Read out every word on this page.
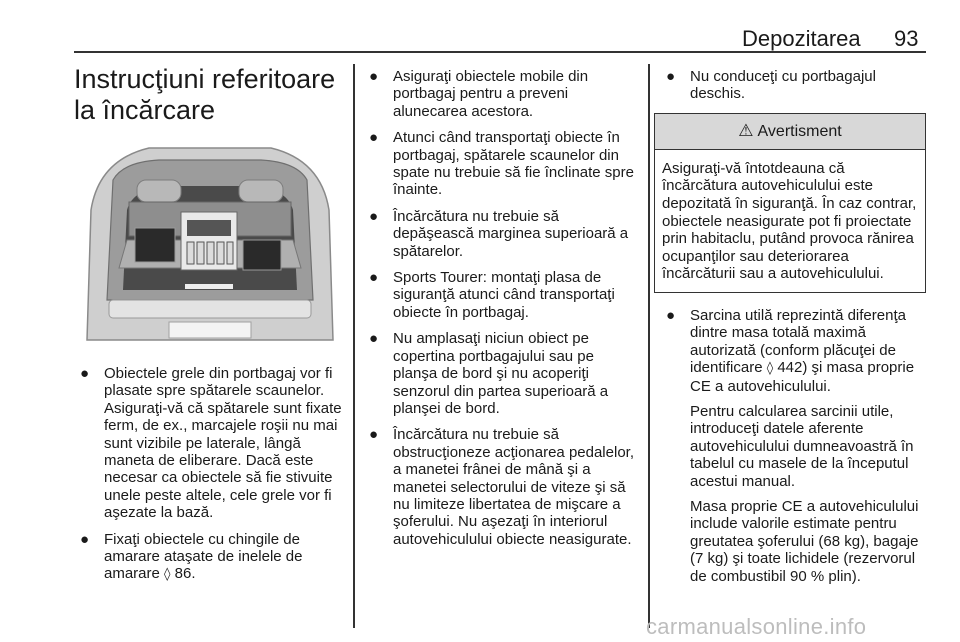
Depozitarea 93
Instrucţiuni referitoare
la încărcare
● Obiectele grele din portbagaj vor fi plasate spre spătarele scaunelor. Asiguraţi-vă că spătarele sunt fixate ferm, de ex., marcajele roşii nu mai sunt vizibile pe laterale, lângă maneta de eliberare. Dacă este necesar ca obiectele să fie stivuite unele peste altele, cele grele vor fi aşezate la bază.

● Fixaţi obiectele cu chingile de amarare ataşate de inelele de amarare ◊ 86.

● Asiguraţi obiectele mobile din portbagaj pentru a preveni alunecarea acestora.

● Atunci când transportaţi obiecte în portbagaj, spătarele scaunelor din spate nu trebuie să fie înclinate spre înainte.

● Încărcătura nu trebuie să depăşească marginea superioară a spătarelor.

● Sports Tourer: montaţi plasa de siguranţă atunci când transportaţi obiecte în portbagaj.

● Nu amplasaţi niciun obiect pe copertina portbagajului sau pe planşa de bord şi nu acoperiţi senzorul din partea superioară a planşei de bord.

● Încărcătura nu trebuie să obstrucţioneze acţionarea pedalelor, a manetei frânei de mână şi a manetei selectorului de viteze şi să nu limiteze libertatea de mişcare a şoferului. Nu aşezaţi în interiorul autovehiculului obiecte neasigurate.

● Nu conduceţi cu portbagajul deschis.

⚠ Avertisment
Asiguraţi-vă întotdeauna că încărcătura autovehiculului este depozitată în siguranţă. În caz contrar, obiectele neasigurate pot fi proiectate prin habitaclu, putând provoca rănirea ocupanţilor sau deteriorarea încărcăturii sau a autovehiculului.
● Sarcina utilă reprezintă diferenţa dintre masa totală maximă autorizată (conform plăcuţei de identificare ◊ 442) şi masa proprie CE a autovehiculului.

Pentru calcularea sarcinii utile, introduceţi datele aferente autovehiculului dumneavoastră în tabelul cu masele de la începutul acestui manual.

Masa proprie CE a autovehiculului include valorile estimate pentru greutatea şoferului (68 kg), bagaje (7 kg) şi toate lichidele (rezervorul de combustibil 90 % plin).

carmanualsonline.info
